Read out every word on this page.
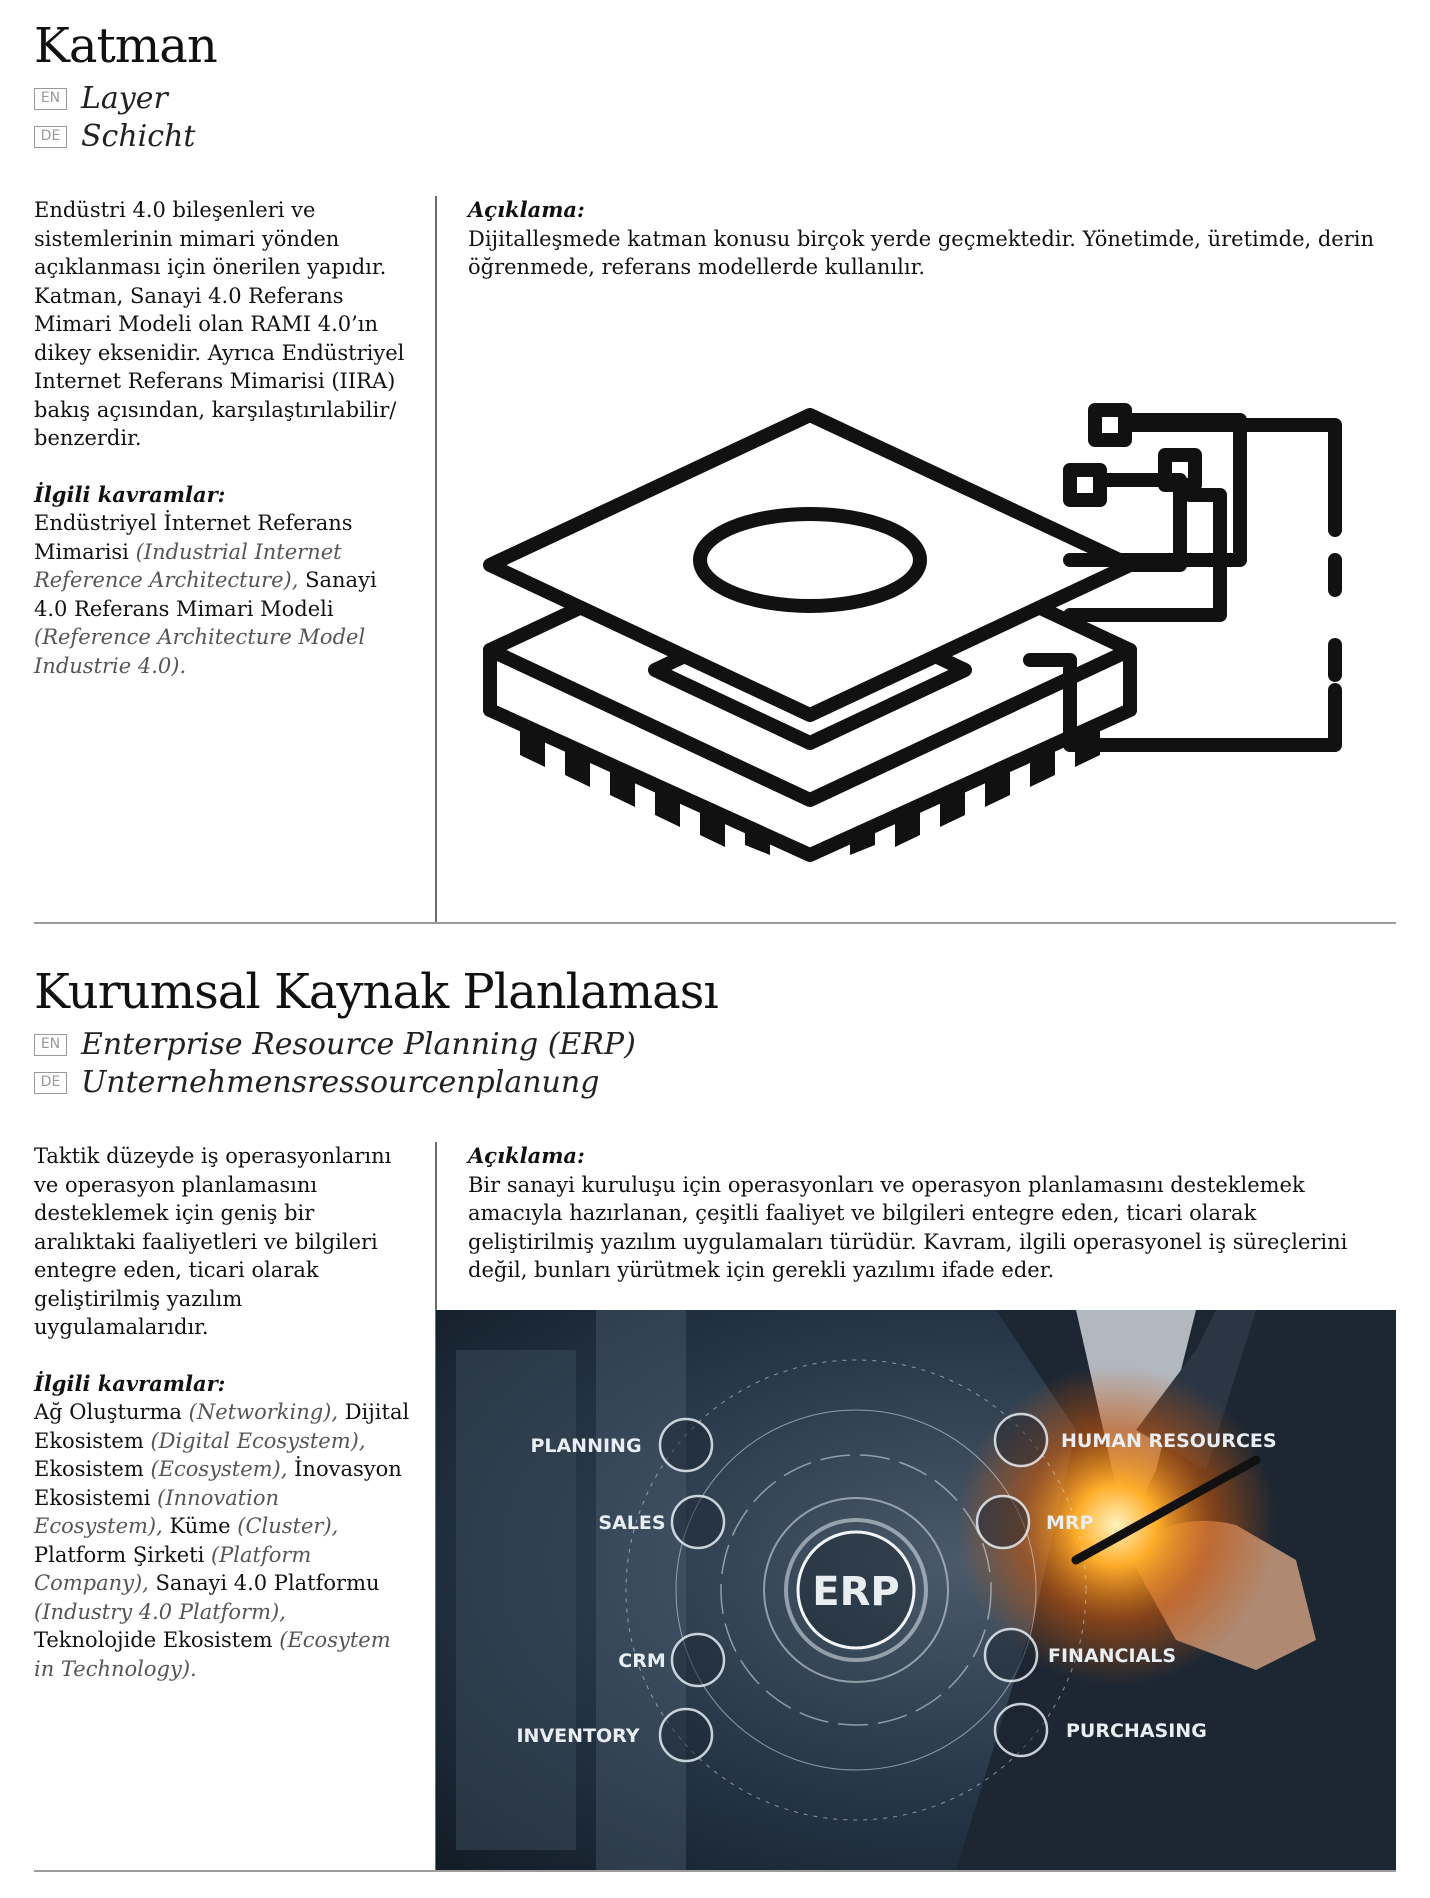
Katman
EN Layer
DE Schicht

Endüstri 4.0 bileşenleri ve sistemlerinin mimari yönden açıklanması için önerilen yapıdır. Katman, Sanayi 4.0 Referans Mimari Modeli olan RAMI 4.0’ın dikey eksenidir. Ayrıca Endüstriyel Internet Referans Mimarisi (IIRA) bakış açısından, karşılaştırılabilir/ benzerdir.

İlgili kavramlar:

Endüstriyel İnternet Referans Mimarisi (Industrial Internet Reference Architecture), Sanayi 4.0 Referans Mimari Modeli (Reference Architecture Model Industrie 4.0).

Açıklama:

Dijitalleşmede katman konusu birçok yerde geçmektedir. Yönetimde, üretimde, derin öğrenmede, referans modellerde kullanılır.

Kurumsal Kaynak Planlaması
EN Enterprise Resource Planning (ERP)
DE Unternehmensressourcenplanung

Taktik düzeyde iş operasyonlarını ve operasyon planlamasını desteklemek için geniş bir aralıktaki faaliyetleri ve bilgileri entegre eden, ticari olarak geliştirilmiş yazılım uygulamalarıdır.

İlgili kavramlar:

Ağ Oluşturma (Networking), Dijital Ekosistem (Digital Ecosystem), Ekosistem (Ecosystem), İnovasyon Ekosistemi (Innovation Ecosystem), Küme (Cluster), Platform Şirketi (Platform Company), Sanayi 4.0 Platformu (Industry 4.0 Platform), Teknolojide Ekosistem (Ecosytem in Technology).

Açıklama:

Bir sanayi kuruluşu için operasyonları ve operasyon planlamasını desteklemek amacıyla hazırlanan, çeşitli faaliyet ve bilgileri entegre eden, ticari olarak geliştirilmiş yazılım uygulamaları türüdür. Kavram, ilgili operasyonel iş süreçlerini değil, bunları yürütmek için gerekli yazılımı ifade eder.

PLANNING
SALES
CRM
INVENTORY
HUMAN RESOURCES
MRP
FINANCIALS
PURCHASING
ERP
